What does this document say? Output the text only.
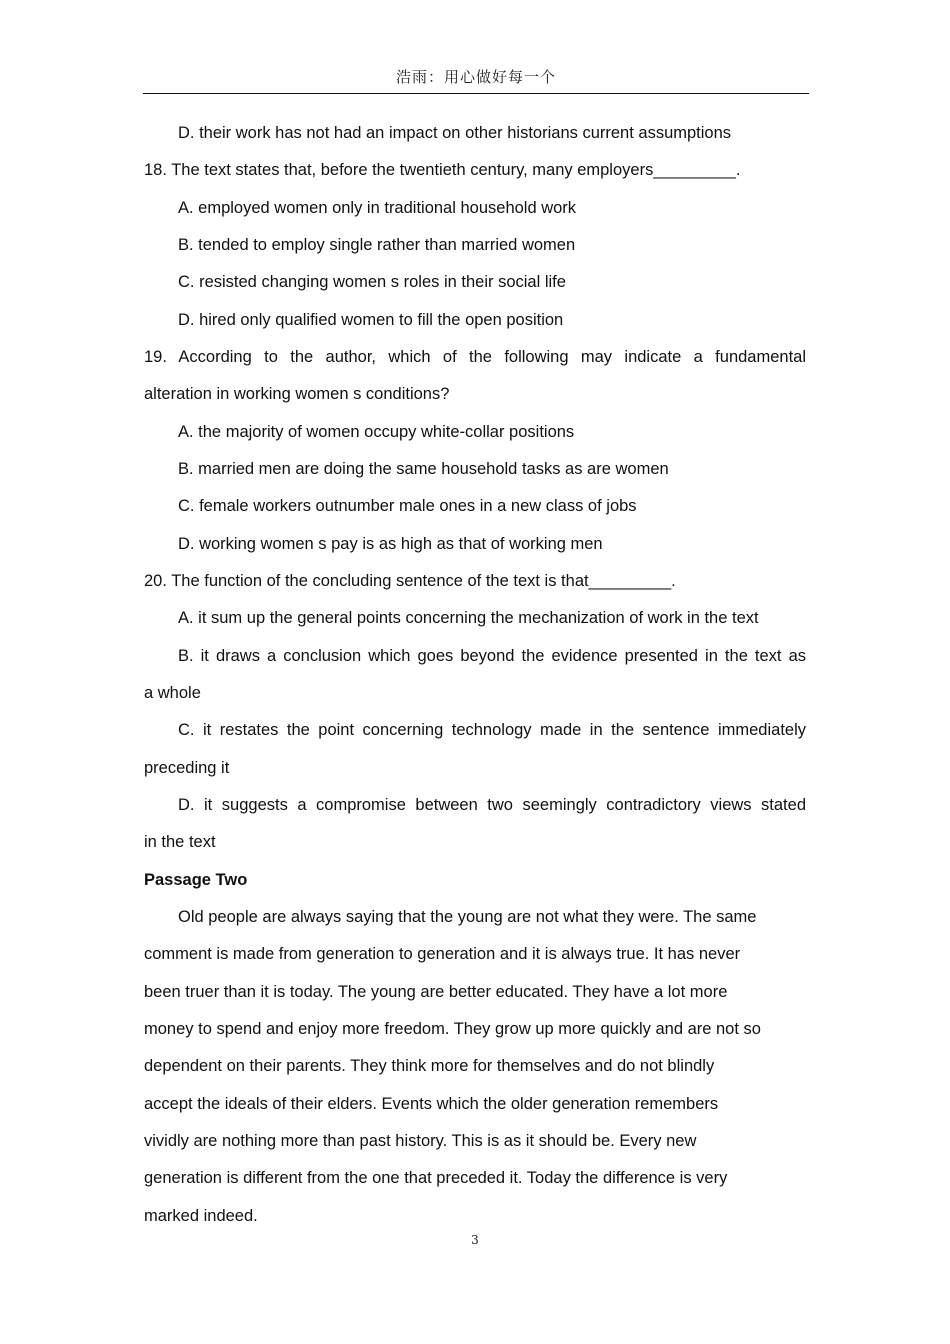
浩雨：用心做好每一个
D. their work has not had an impact on other historians current assumptions
18. The text states that, before the twentieth century, many employers_________.
A. employed women only in traditional household work
B. tended to employ single rather than married women
C. resisted changing women s roles in their social life
D. hired only qualified women to fill the open position
19. According to the author, which of the following may indicate a fundamental
alteration in working women s conditions?
A. the majority of women occupy white-collar positions
B. married men are doing the same household tasks as are women
C. female workers outnumber male ones in a new class of jobs
D. working women s pay is as high as that of working men
20. The function of the concluding sentence of the text is that_________.
A. it sum up the general points concerning the mechanization of work in the text
B. it draws a conclusion which goes beyond the evidence presented in the text as
a whole
C. it restates the point concerning technology made in the sentence immediately
preceding it
D. it suggests a compromise between two seemingly contradictory views stated
in the text
Passage Two
Old people are always saying that the young are not what they were. The same
comment is made from generation to generation and it is always true. It has never
been truer than it is today. The young are better educated. They have a lot more
money to spend and enjoy more freedom. They grow up more quickly and are not so
dependent on their parents. They think more for themselves and do not blindly
accept the ideals of their elders. Events which the older generation remembers
vividly are nothing more than past history. This is as it should be. Every new
generation is different from the one that preceded it. Today the difference is very
marked indeed.
3
